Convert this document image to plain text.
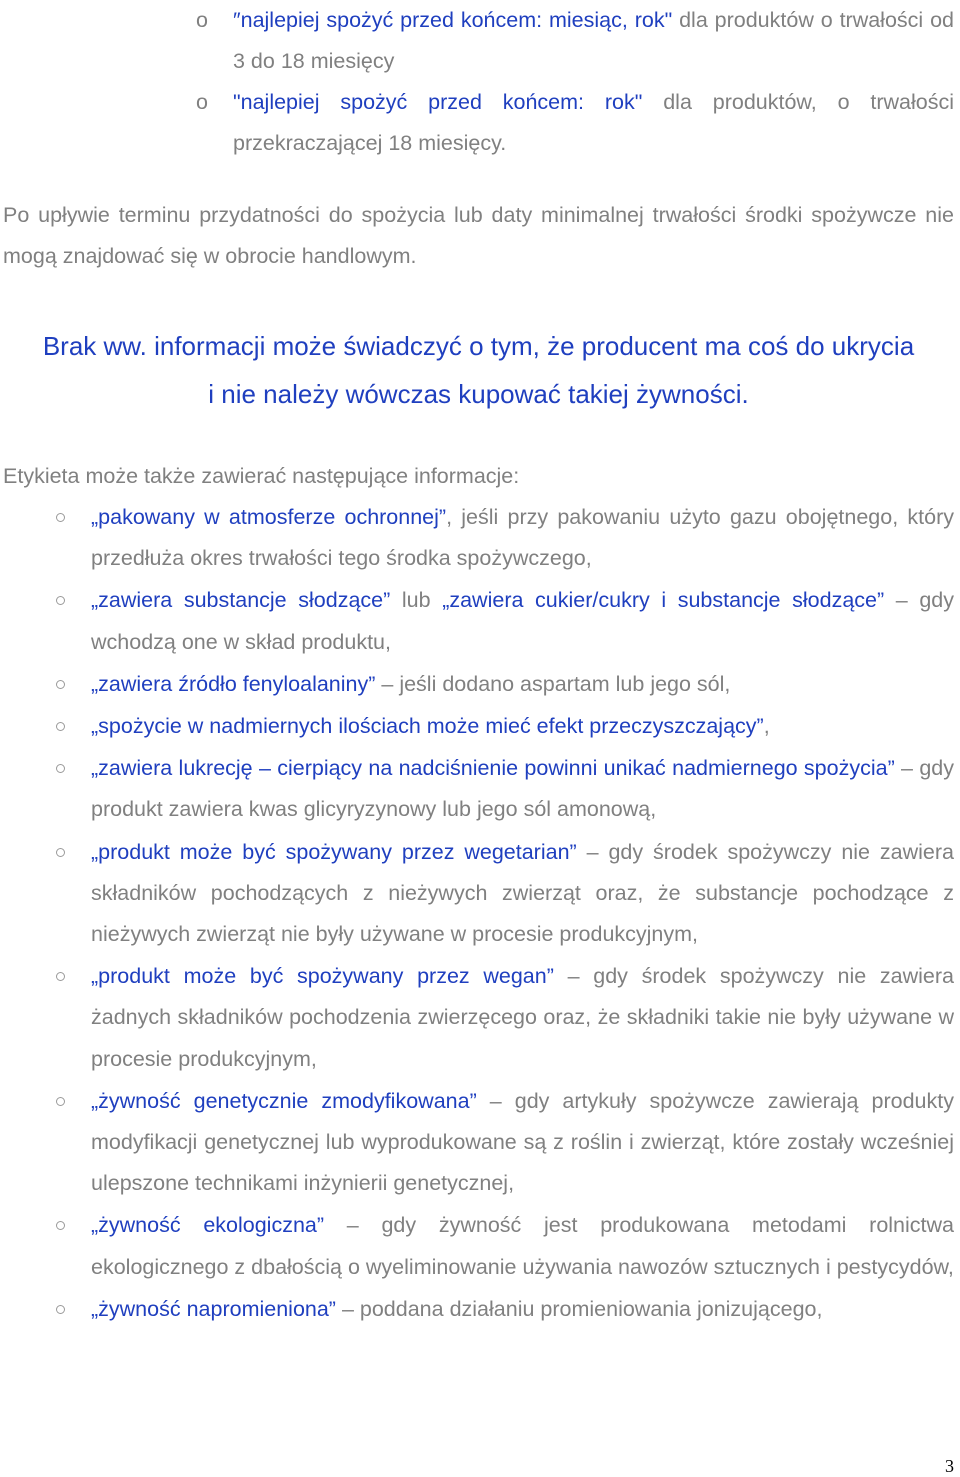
o ″najlepiej spożyć przed końcem: miesiąc, rok" dla produktów o trwałości od 3 do 18 miesięcy
o "najlepiej spożyć przed końcem: rok" dla produktów, o trwałości przekraczającej 18 miesięcy.

Po upływie terminu przydatności do spożycia lub daty minimalnej trwałości środki spożywcze nie mogą znajdować się w obrocie handlowym.

Brak ww. informacji może świadczyć o tym, że producent ma coś do ukrycia
i nie należy wówczas kupować takiej żywności.
Etykieta może także zawierać następujące informacje:
„pakowany w atmosferze ochronnej”, jeśli przy pakowaniu użyto gazu obojętnego, który przedłuża okres trwałości tego środka spożywczego,
„zawiera substancje słodzące” lub „zawiera cukier/cukry i substancje słodzące” – gdy wchodzą one w skład produktu,
„zawiera źródło fenyloalaniny” – jeśli dodano aspartam lub jego sól,
„spożycie w nadmiernych ilościach może mieć efekt przeczyszczający”,
„zawiera lukrecję – cierpiący na nadciśnienie powinni unikać nadmiernego spożycia” – gdy produkt zawiera kwas glicyryzynowy lub jego sól amonową,
„produkt może być spożywany przez wegetarian” – gdy środek spożywczy nie zawiera składników pochodzących z nieżywych zwierząt oraz, że substancje pochodzące z nieżywych zwierząt nie były używane w procesie produkcyjnym,
„produkt może być spożywany przez wegan” – gdy środek spożywczy nie zawiera żadnych składników pochodzenia zwierzęcego oraz, że składniki takie nie były używane w procesie produkcyjnym,
„żywność genetycznie zmodyfikowana” – gdy artykuły spożywcze zawierają produkty modyfikacji genetycznej lub wyprodukowane są z roślin i zwierząt, które zostały wcześniej ulepszone technikami inżynierii genetycznej,
„żywność ekologiczna” – gdy żywność jest produkowana metodami rolnictwa ekologicznego z dbałością o wyeliminowanie używania nawozów sztucznych i pestycydów,
„żywność napromieniona” – poddana działaniu promieniowania jonizującego,
3
